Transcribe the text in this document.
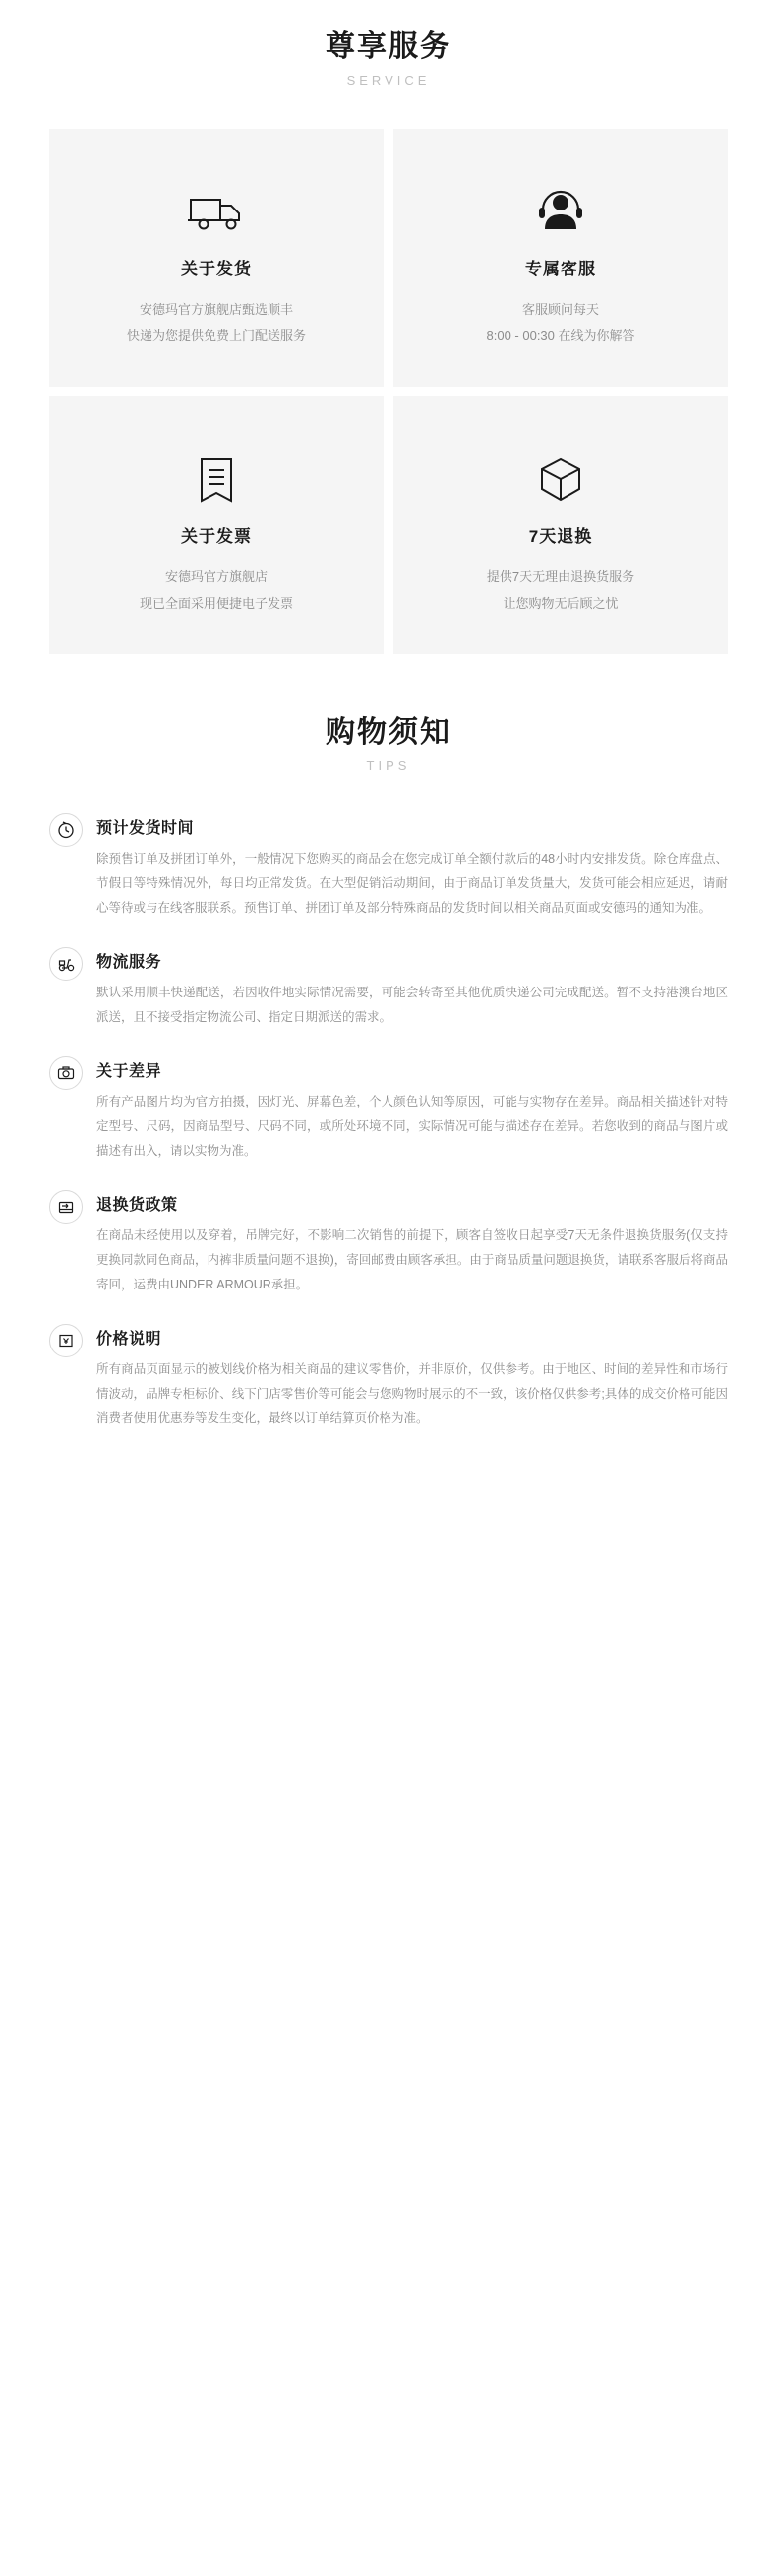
尊享服务
SERVICE
关于发货
安德玛官方旗舰店甄选顺丰
快递为您提供免费上门配送服务
专属客服
客服顾问每天
8:00 - 00:30 在线为你解答
关于发票
安德玛官方旗舰店
现已全面采用便捷电子发票
7天退换
提供7天无理由退换货服务
让您购物无后顾之忧
购物须知
TIPS
预计发货时间
除预售订单及拼团订单外，一般情况下您购买的商品会在您完成订单全额付款后的48小时内安排发货。除仓库盘点、节假日等特殊情况外，每日均正常发货。在大型促销活动期间，由于商品订单发货量大，发货可能会相应延迟，请耐心等待或与在线客服联系。预售订单、拼团订单及部分特殊商品的发货时间以相关商品页面或安德玛的通知为准。
物流服务
默认采用顺丰快递配送，若因收件地实际情况需要，可能会转寄至其他优质快递公司完成配送。暂不支持港澳台地区派送，且不接受指定物流公司、指定日期派送的需求。
关于差异
所有产品图片均为官方拍摄，因灯光、屏幕色差，个人颜色认知等原因，可能与实物存在差异。商品相关描述针对特定型号、尺码，因商品型号、尺码不同，或所处环境不同，实际情况可能与描述存在差异。若您收到的商品与图片或描述有出入，请以实物为准。
退换货政策
在商品未经使用以及穿着，吊牌完好，不影响二次销售的前提下，顾客自签收日起享受7天无条件退换货服务(仅支持更换同款同色商品，内裤非质量问题不退换)，寄回邮费由顾客承担。由于商品质量问题退换货，请联系客服后将商品寄回，运费由UNDER ARMOUR承担。
价格说明
所有商品页面显示的被划线价格为相关商品的建议零售价，并非原价，仅供参考。由于地区、时间的差异性和市场行情波动，品牌专柜标价、线下门店零售价等可能会与您购物时展示的不一致，该价格仅供参考;具体的成交价格可能因消费者使用优惠券等发生变化，最终以订单结算页价格为准。
